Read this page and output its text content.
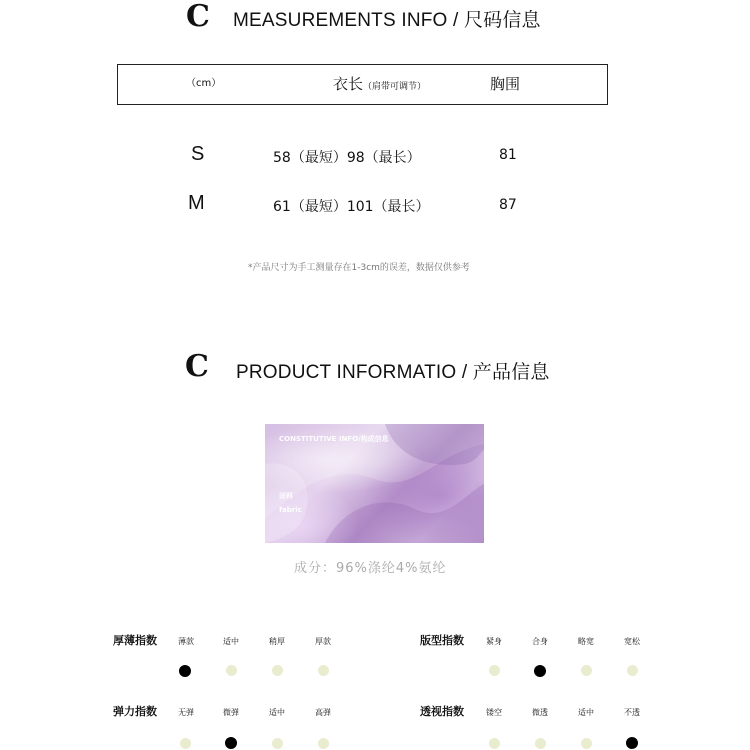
C MEASUREMENTS INFO / 尺码信息
（cm）	衣长（肩带可调节）	胸围
S	58（最短）98（最长）	81
M	61（最短）101（最长）	87
*产品尺寸为手工测量存在1-3cm的误差，数据仅供参考
C PRODUCT INFORMATIO / 产品信息
CONSTITUTIVE INFO/构成信息
面料
fabric
成分：96%涤纶4%氨纶
厚薄指数	薄款	适中	稍厚	厚款	版型指数	紧身	合身	略宽	宽松
弹力指数	无弹	微弹	适中	高弹	透视指数	镂空	微透	适中	不透
